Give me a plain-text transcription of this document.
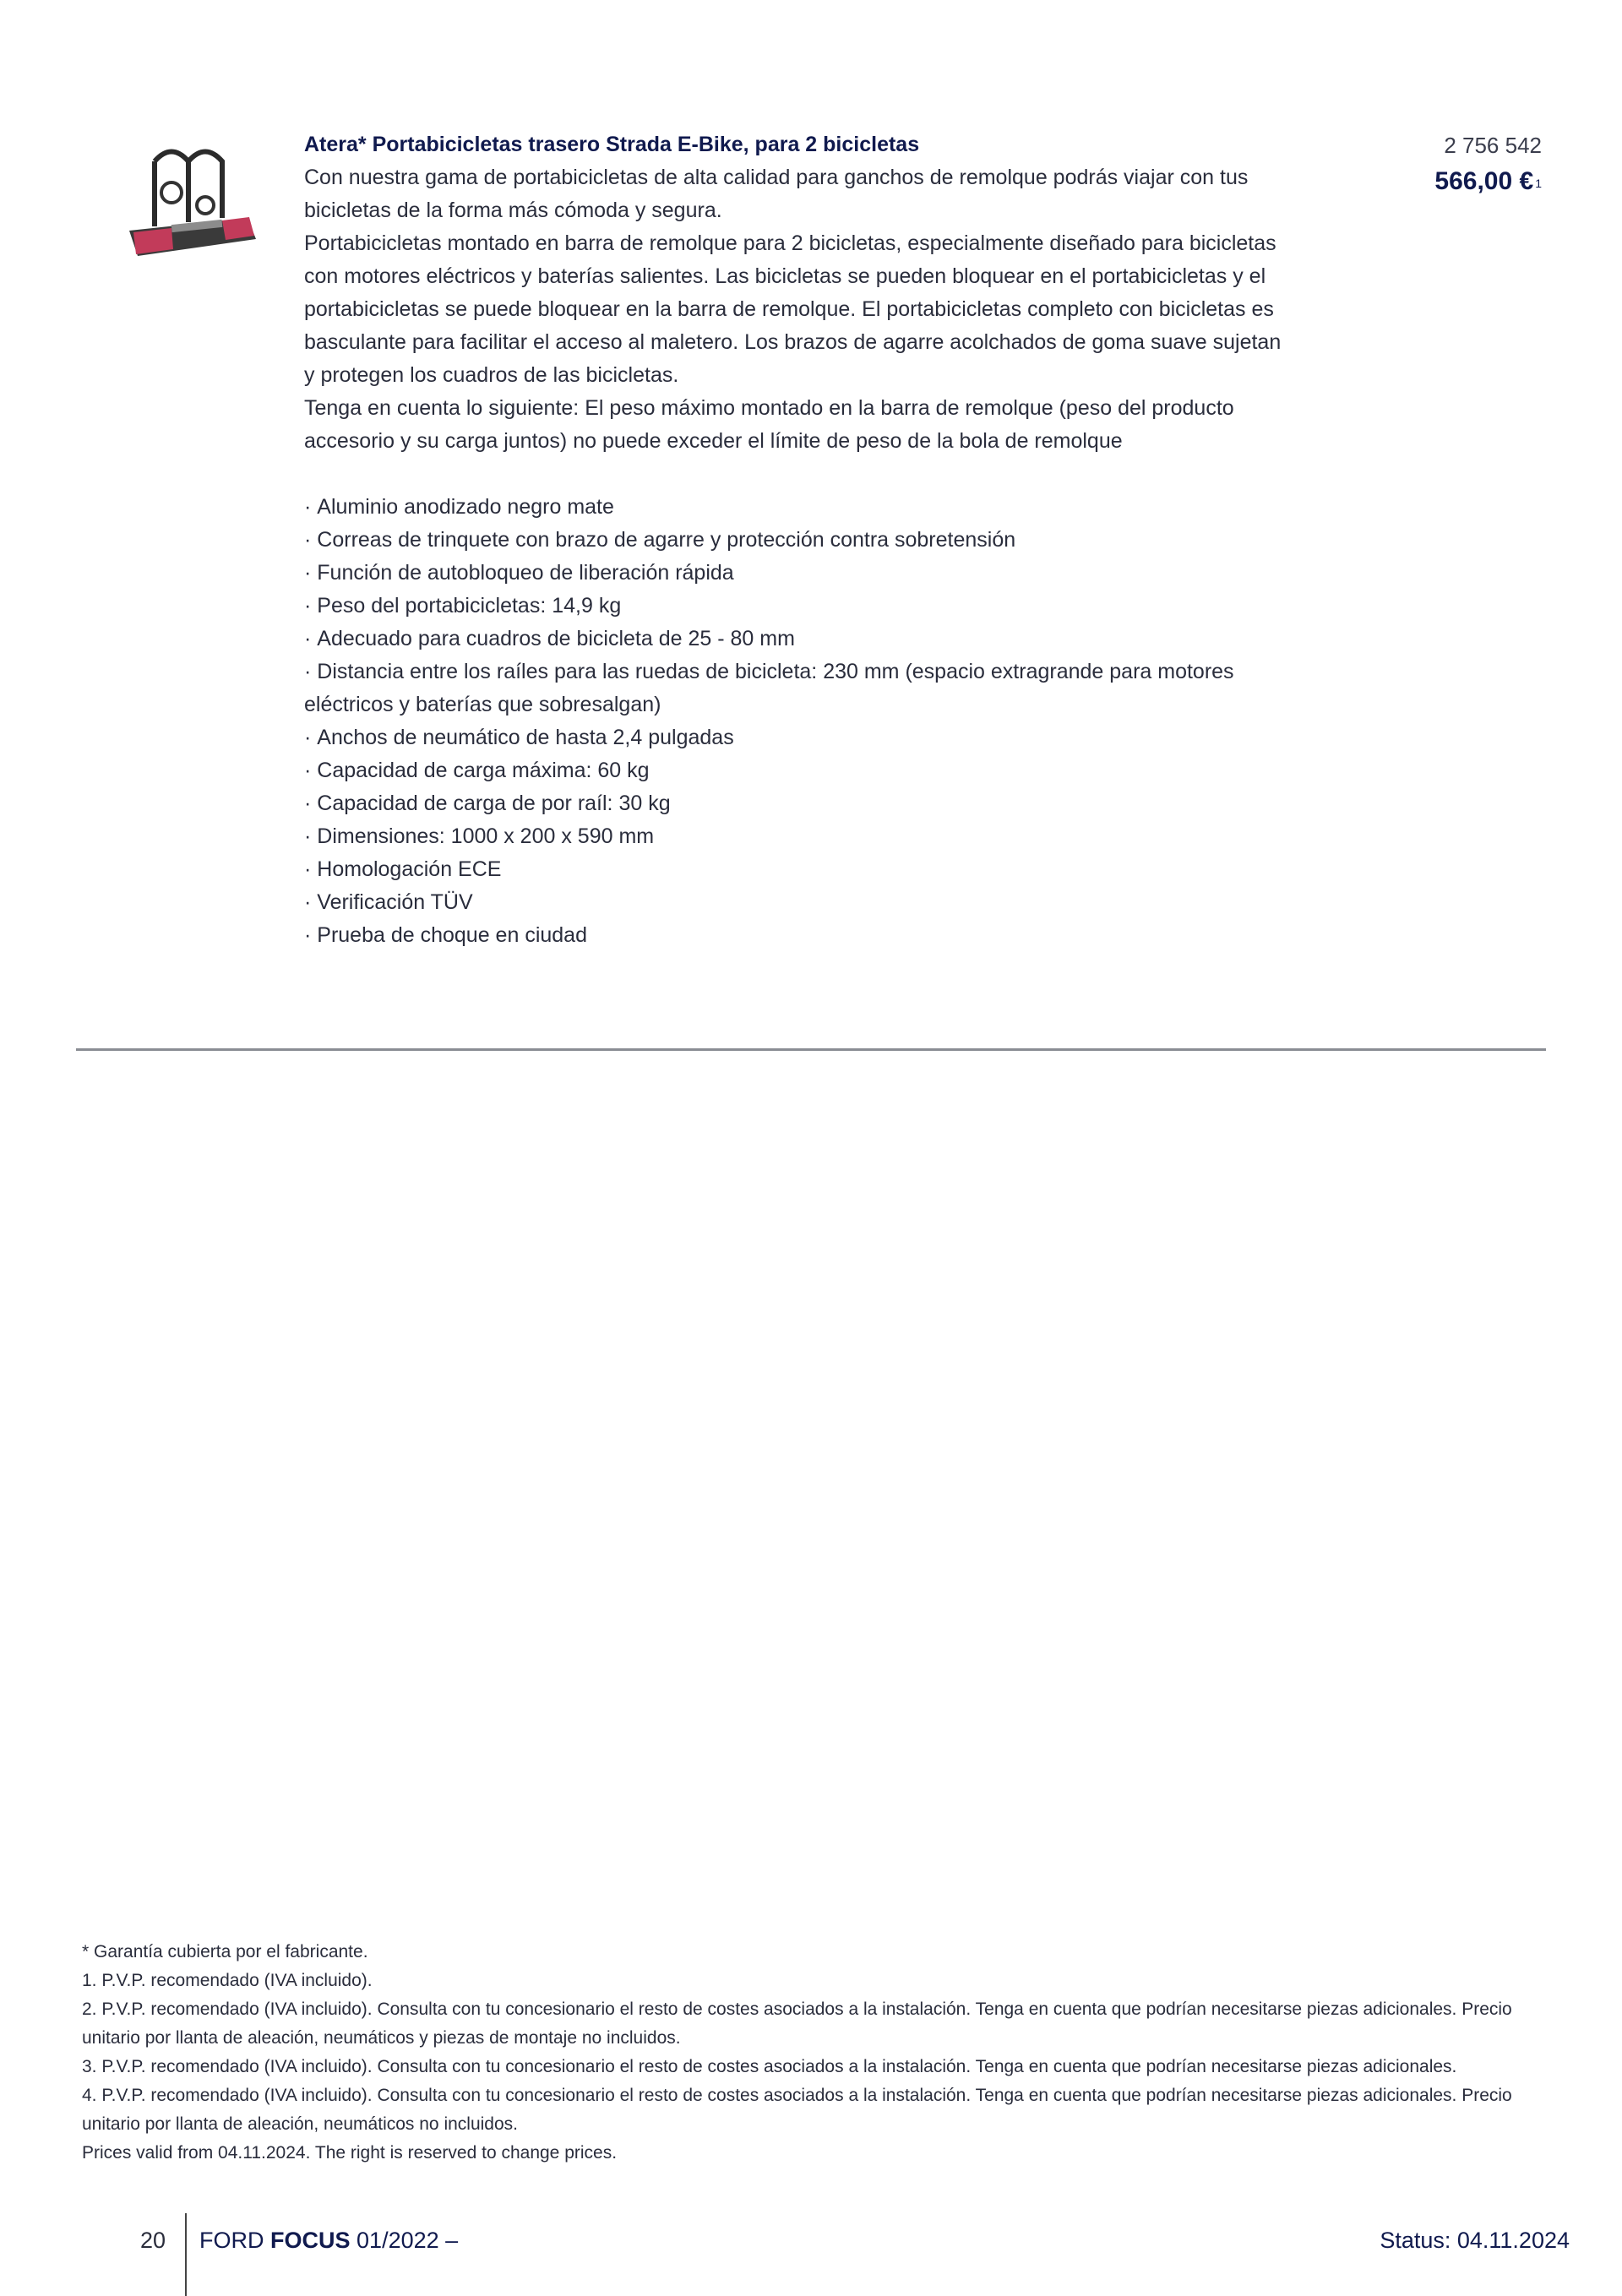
Atera* Portabicicletas trasero Strada E-Bike, para 2 bicicletas

Con nuestra gama de portabicicletas de alta calidad para ganchos de remolque podrás viajar con tus bicicletas de la forma más cómoda y segura.

Portabicicletas montado en barra de remolque para 2 bicicletas, especialmente diseñado para bicicletas con motores eléctricos y baterías salientes. Las bicicletas se pueden bloquear en el portabicicletas y el portabicicletas se puede bloquear en la barra de remolque. El portabicicletas completo con bicicletas es basculante para facilitar el acceso al maletero. Los brazos de agarre acolchados de goma suave sujetan y protegen los cuadros de las bicicletas.

Tenga en cuenta lo siguiente: El peso máximo montado en la barra de remolque (peso del producto accesorio y su carga juntos) no puede exceder el límite de peso de la bola de remolque

· Aluminio anodizado negro mate
· Correas de trinquete con brazo de agarre y protección contra sobretensión
· Función de autobloqueo de liberación rápida
· Peso del portabicicletas: 14,9 kg
· Adecuado para cuadros de bicicleta de 25 - 80 mm
· Distancia entre los raíles para las ruedas de bicicleta: 230 mm (espacio extragrande para motores eléctricos y baterías que sobresalgan)
· Anchos de neumático de hasta 2,4 pulgadas
· Capacidad de carga máxima: 60 kg
· Capacidad de carga de por raíl: 30 kg
· Dimensiones: 1000 x 200 x 590 mm
· Homologación ECE
· Verificación TÜV
· Prueba de choque en ciudad
2 756 542
566,00 € $^1$

* Garantía cubierta por el fabricante.

1. P.V.P. recomendado (IVA incluido).

2. P.V.P. recomendado (IVA incluido). Consulta con tu concesionario el resto de costes asociados a la instalación. Tenga en cuenta que podrían necesitarse piezas adicionales. Precio unitario por llanta de aleación, neumáticos y piezas de montaje no incluidos.

3. P.V.P. recomendado (IVA incluido). Consulta con tu concesionario el resto de costes asociados a la instalación. Tenga en cuenta que podrían necesitarse piezas adicionales.

4. P.V.P. recomendado (IVA incluido). Consulta con tu concesionario el resto de costes asociados a la instalación. Tenga en cuenta que podrían necesitarse piezas adicionales. Precio unitario por llanta de aleación, neumáticos no incluidos.

Prices valid from 04.11.2024. The right is reserved to change prices.

20 FORD FOCUS 01/2022 –	Status: 04.11.2024
